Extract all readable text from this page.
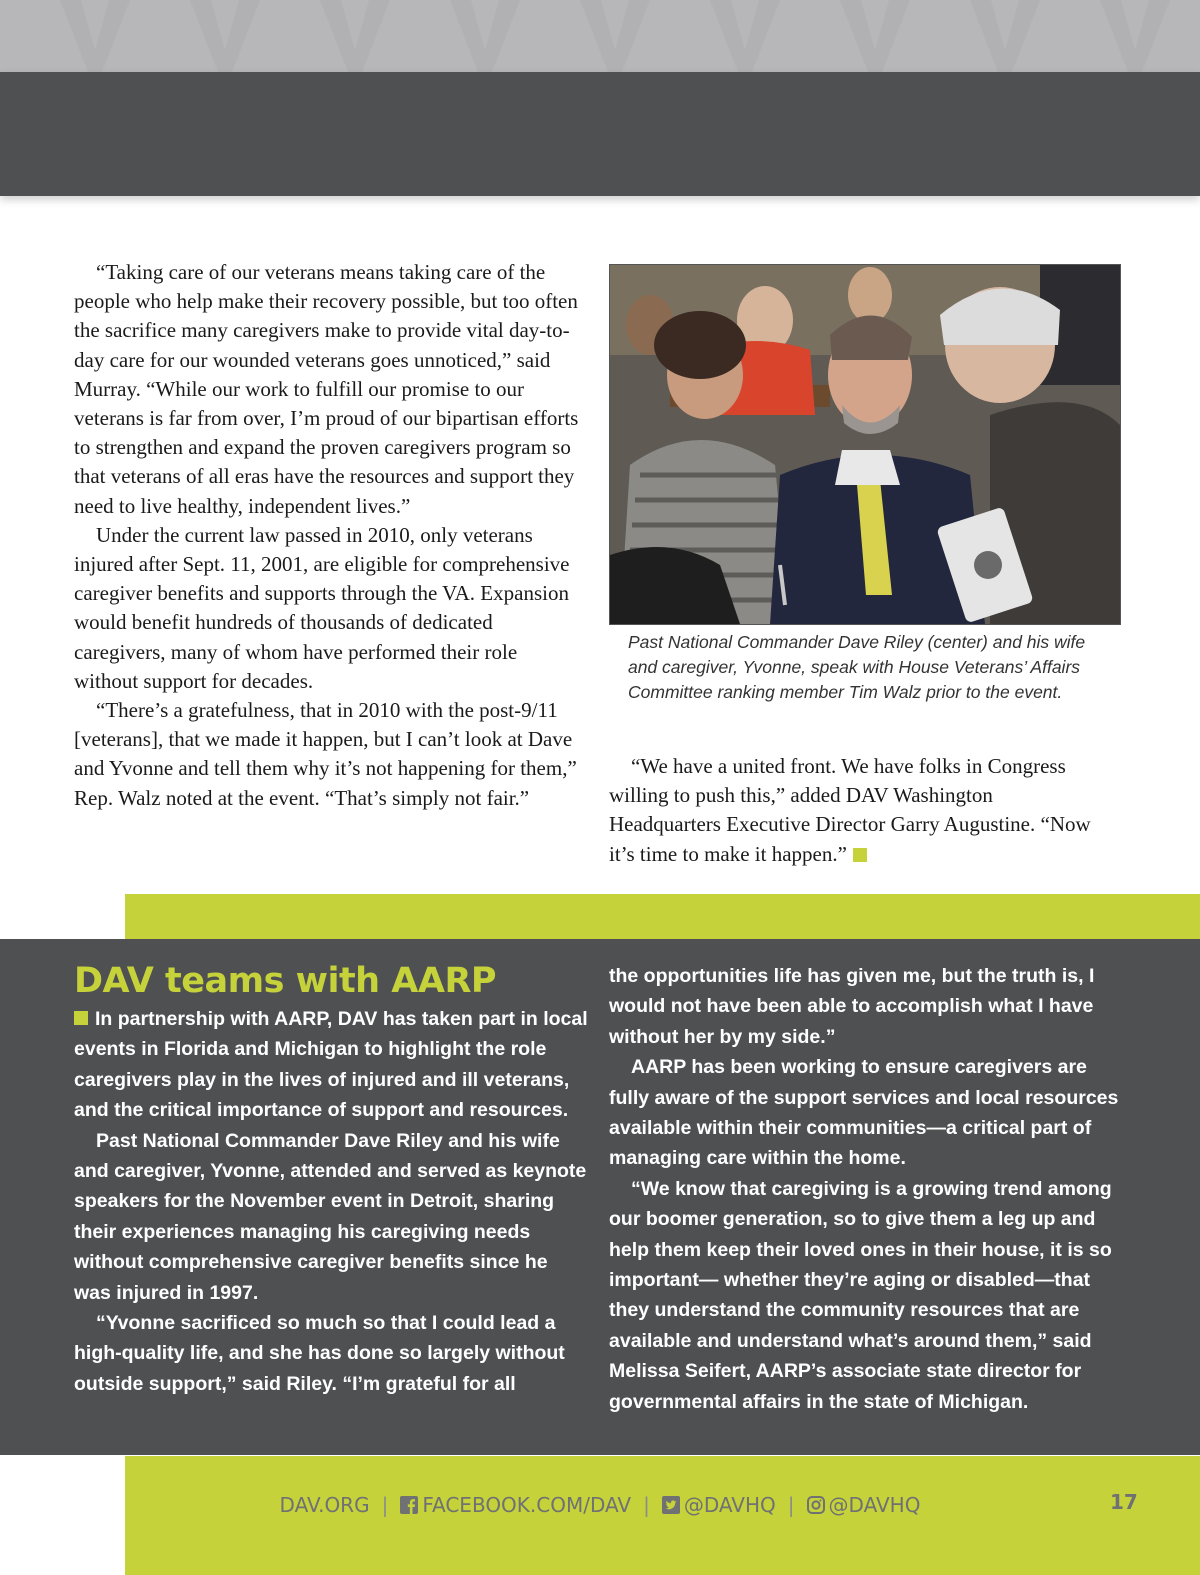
“Taking care of our veterans means taking care of the people who help make their recovery possible, but too often the sacrifice many caregivers make to provide vital day-to-day care for our wounded veterans goes unnoticed,” said Murray. “While our work to fulfill our promise to our veterans is far from over, I’m proud of our bipartisan efforts to strengthen and expand the proven caregivers program so that veterans of all eras have the resources and support they need to live healthy, independent lives.”

Under the current law passed in 2010, only veterans injured after Sept. 11, 2001, are eligible for comprehensive caregiver benefits and supports through the VA. Expansion would benefit hundreds of thousands of dedicated caregivers, many of whom have performed their role without support for decades.

“There’s a gratefulness, that in 2010 with the post-9/11 [veterans], that we made it happen, but I can’t look at Dave and Yvonne and tell them why it’s not happening for them,” Rep. Walz noted at the event. “That’s simply not fair.”

Past National Commander Dave Riley (center) and his wife and caregiver, Yvonne, speak with House Veterans’ Affairs Committee ranking member Tim Walz prior to the event.

“We have a united front. We have folks in Congress willing to push this,” added DAV Washington Headquarters Executive Director Garry Augustine. “Now it’s time to make it happen.”

DAV teams with AARP

In partnership with AARP, DAV has taken part in local events in Florida and Michigan to highlight the role caregivers play in the lives of injured and ill veterans, and the critical importance of support and resources.

Past National Commander Dave Riley and his wife and caregiver, Yvonne, attended and served as keynote speakers for the November event in Detroit, sharing their experiences managing his caregiving needs without comprehensive caregiver benefits since he was injured in 1997.

“Yvonne sacrificed so much so that I could lead a high-quality life, and she has done so largely without outside support,” said Riley. “I’m grateful for all

the opportunities life has given me, but the truth is, I would not have been able to accomplish what I have without her by my side.”

AARP has been working to ensure caregivers are fully aware of the support services and local resources available within their communities—a critical part of managing care within the home.

“We know that caregiving is a growing trend among our boomer generation, so to give them a leg up and help them keep their loved ones in their house, it is so important— whether they’re aging or disabled—that they understand the community resources that are available and understand what’s around them,” said Melissa Seifert, AARP’s associate state director for governmental affairs in the state of Michigan.

DAV.ORG |	FACEBOOK.COM/DAV |	@DAVHQ |	@DAVHQ	17
